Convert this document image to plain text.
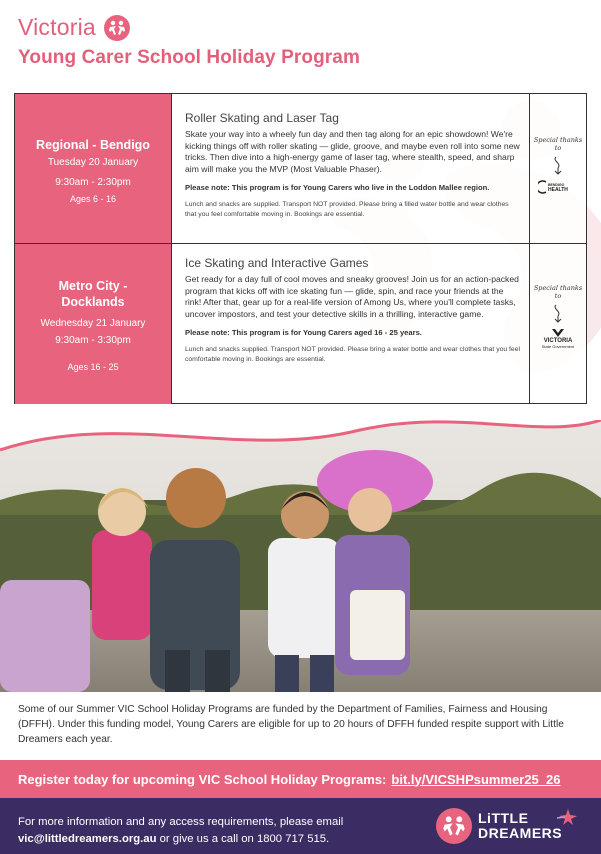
Victoria
Young Carer School Holiday Program
Regional - Bendigo
Tuesday 20 January
9:30am - 2:30pm
Ages 6 - 16
Roller Skating and Laser Tag
Skate your way into a wheely fun day and then tag along for an epic showdown! We're kicking things off with roller skating — glide, groove, and maybe even roll into some new tricks. Then dive into a high-energy game of laser tag, where stealth, speed, and sharp aim will make you the MVP (Most Valuable Phaser).
Please note: This program is for Young Carers who live in the Loddon Mallee region.
Lunch and snacks are supplied. Transport NOT provided. Please bring a filled water bottle and wear clothes that you feel comfortable moving in. Bookings are essential.
Special thanks to
BENDIGO
HEALTH
Metro City - Docklands
Wednesday 21 January
9:30am - 3:30pm
Ages 16 - 25
Ice Skating and Interactive Games
Get ready for a day full of cool moves and sneaky grooves! Join us for an action-packed program that kicks off with ice skating fun — glide, spin, and race your friends at the rink! After that, gear up for a real-life version of Among Us, where you'll complete tasks, uncover impostors, and test your detective skills in a thrilling, interactive game.
Please note: This program is for Young Carers aged 16 - 25 years.
Lunch and snacks supplied. Transport NOT provided. Please bring a water bottle and wear clothes that you feel comfortable moving in. Bookings are essential.
Special thanks to
VICTORIA
State Government
Some of our Summer VIC School Holiday Programs are funded by the Department of Families, Fairness and Housing (DFFH). Under this funding model, Young Carers are eligible for up to 20 hours of DFFH funded respite support with Little Dreamers each year.
Register today for upcoming VIC School Holiday Programs: bit.ly/VICSHPsummer25_26
For more information and any access requirements, please email
vic@littledreamers.org.au or give us a call on 1800 717 515.
LiTTLE
DREAMERS
